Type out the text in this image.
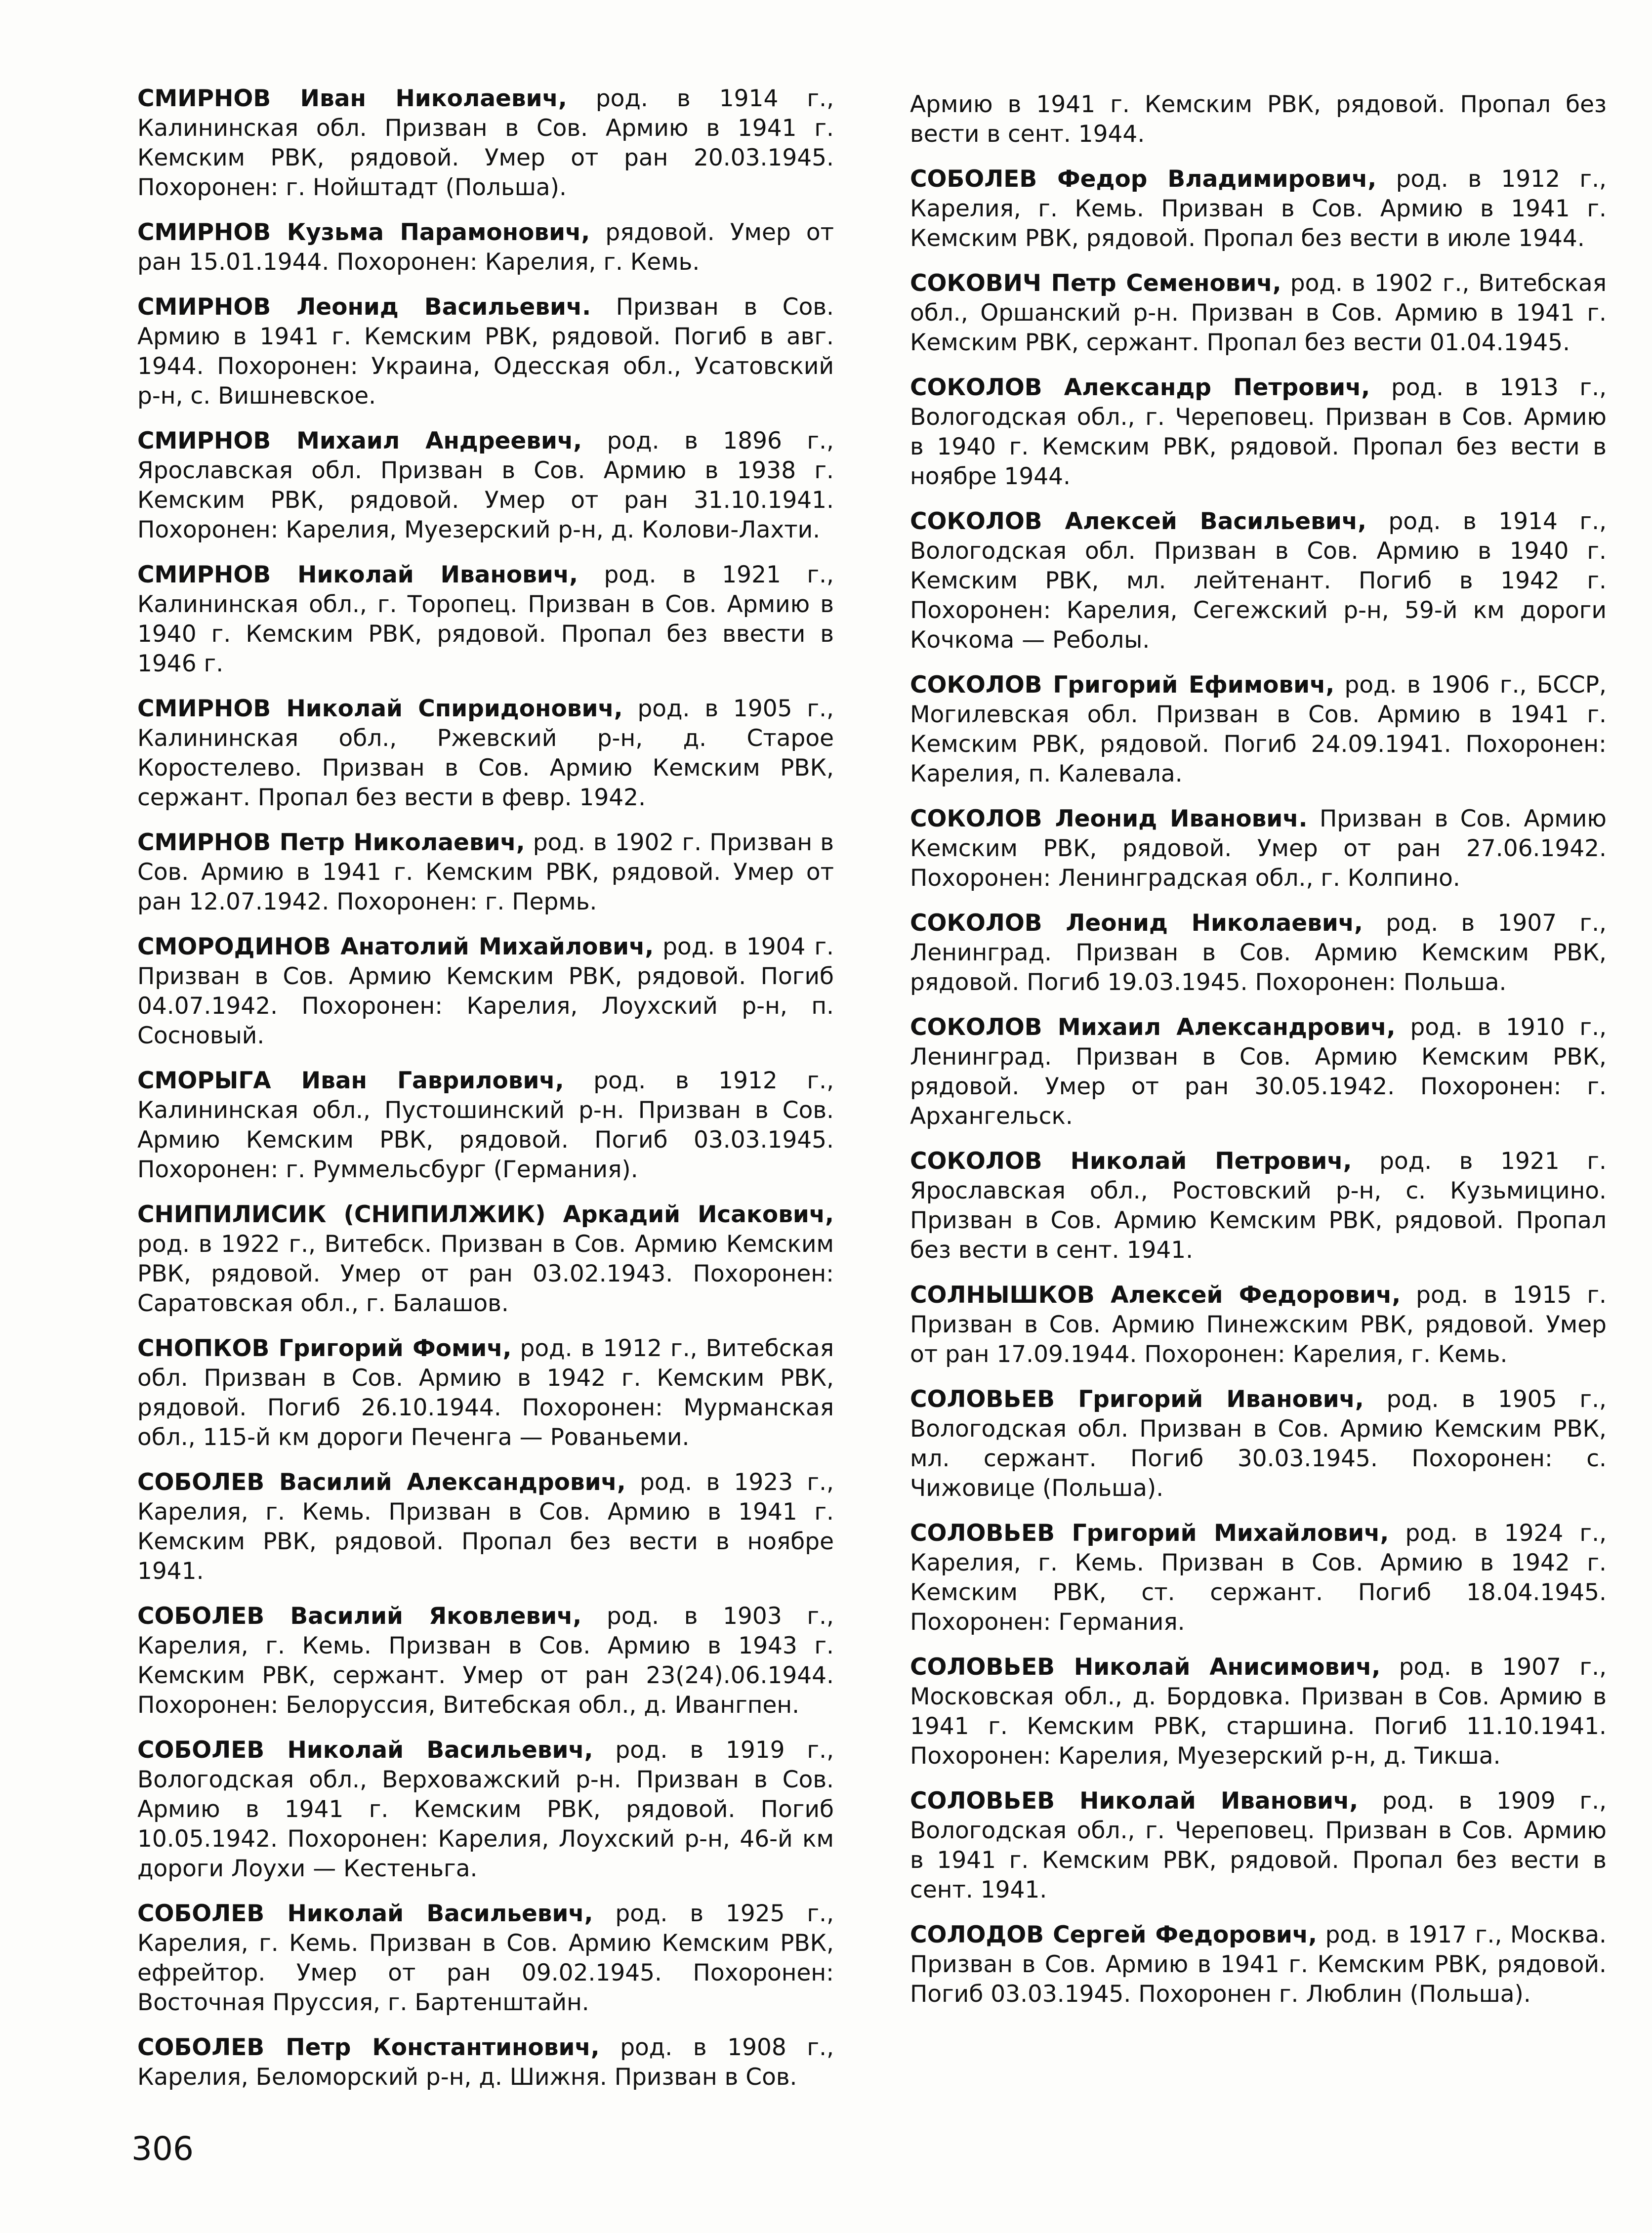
СМИРНОВ Иван Николаевич, род. в 1914 г., Калининская обл. Призван в Сов. Армию в 1941 г. Кемским РВК, рядовой. Умер от ран 20.03.1945. Похоронен: г. Нойштадт (Польша).

СМИРНОВ Кузьма Парамонович, рядовой. Умер от ран 15.01.1944. Похоронен: Карелия, г. Кемь.

СМИРНОВ Леонид Васильевич. Призван в Сов. Армию в 1941 г. Кемским РВК, рядовой. Погиб в авг. 1944. Похоронен: Украина, Одесская обл., Усатовский р-н, с. Вишневское.

СМИРНОВ Михаил Андреевич, род. в 1896 г., Ярославская обл. Призван в Сов. Армию в 1938 г. Кемским РВК, рядовой. Умер от ран 31.10.1941. Похоронен: Карелия, Муезерский р-н, д. Колови-Лахти.

СМИРНОВ Николай Иванович, род. в 1921 г., Калининская обл., г. Торопец. Призван в Сов. Армию в 1940 г. Кемским РВК, рядовой. Пропал без ввести в 1946 г.

СМИРНОВ Николай Спиридонович, род. в 1905 г., Калининская обл., Ржевский р-н, д. Старое Коростелево. Призван в Сов. Армию Кемским РВК, сержант. Пропал без вести в февр. 1942.

СМИРНОВ Петр Николаевич, род. в 1902 г. Призван в Сов. Армию в 1941 г. Кемским РВК, рядовой. Умер от ран 12.07.1942. Похоронен: г. Пермь.

СМОРОДИНОВ Анатолий Михайлович, род. в 1904 г. Призван в Сов. Армию Кемским РВК, рядовой. Погиб 04.07.1942. Похоронен: Карелия, Лоухский р-н, п. Сосновый.

СМОРЫГА Иван Гаврилович, род. в 1912 г., Калининская обл., Пустошинский р-н. Призван в Сов. Армию Кемским РВК, рядовой. Погиб 03.03.1945. Похоронен: г. Руммельсбург (Германия).

СНИПИЛИСИК (СНИПИЛЖИК) Аркадий Исакович, род. в 1922 г., Витебск. Призван в Сов. Армию Кемским РВК, рядовой. Умер от ран 03.02.1943. Похоронен: Саратовская обл., г. Балашов.

СНОПКОВ Григорий Фомич, род. в 1912 г., Витебская обл. Призван в Сов. Армию в 1942 г. Кемским РВК, рядовой. Погиб 26.10.1944. Похоронен: Мурманская обл., 115-й км дороги Печенга — Рованьеми.

СОБОЛЕВ Василий Александрович, род. в 1923 г., Карелия, г. Кемь. Призван в Сов. Армию в 1941 г. Кемским РВК, рядовой. Пропал без вести в ноябре 1941.

СОБОЛЕВ Василий Яковлевич, род. в 1903 г., Карелия, г. Кемь. Призван в Сов. Армию в 1943 г. Кемским РВК, сержант. Умер от ран 23(24).06.1944. Похоронен: Белоруссия, Витебская обл., д. Ивангпен.

СОБОЛЕВ Николай Васильевич, род. в 1919 г., Вологодская обл., Верховажский р-н. Призван в Сов. Армию в 1941 г. Кемским РВК, рядовой. Погиб 10.05.1942. Похоронен: Карелия, Лоухский р-н, 46-й км дороги Лоухи — Кестеньга.

СОБОЛЕВ Николай Васильевич, род. в 1925 г., Карелия, г. Кемь. Призван в Сов. Армию Кемским РВК, ефрейтор. Умер от ран 09.02.1945. Похоронен: Восточная Пруссия, г. Бартенштайн.

СОБОЛЕВ Петр Константинович, род. в 1908 г., Карелия, Беломорский р-н, д. Шижня. Призван в Сов.

Армию в 1941 г. Кемским РВК, рядовой. Пропал без вести в сент. 1944.

СОБОЛЕВ Федор Владимирович, род. в 1912 г., Карелия, г. Кемь. Призван в Сов. Армию в 1941 г. Кемским РВК, рядовой. Пропал без вести в июле 1944.

СОКОВИЧ Петр Семенович, род. в 1902 г., Витебская обл., Оршанский р-н. Призван в Сов. Армию в 1941 г. Кемским РВК, сержант. Пропал без вести 01.04.1945.

СОКОЛОВ Александр Петрович, род. в 1913 г., Вологодская обл., г. Череповец. Призван в Сов. Армию в 1940 г. Кемским РВК, рядовой. Пропал без вести в ноябре 1944.

СОКОЛОВ Алексей Васильевич, род. в 1914 г., Вологодская обл. Призван в Сов. Армию в 1940 г. Кемским РВК, мл. лейтенант. Погиб в 1942 г. Похоронен: Карелия, Сегежский р-н, 59-й км дороги Кочкома — Реболы.

СОКОЛОВ Григорий Ефимович, род. в 1906 г., БССР, Могилевская обл. Призван в Сов. Армию в 1941 г. Кемским РВК, рядовой. Погиб 24.09.1941. Похоронен: Карелия, п. Калевала.

СОКОЛОВ Леонид Иванович. Призван в Сов. Армию Кемским РВК, рядовой. Умер от ран 27.06.1942. Похоронен: Ленинградская обл., г. Колпино.

СОКОЛОВ Леонид Николаевич, род. в 1907 г., Ленинград. Призван в Сов. Армию Кемским РВК, рядовой. Погиб 19.03.1945. Похоронен: Польша.

СОКОЛОВ Михаил Александрович, род. в 1910 г., Ленинград. Призван в Сов. Армию Кемским РВК, рядовой. Умер от ран 30.05.1942. Похоронен: г. Архангельск.

СОКОЛОВ Николай Петрович, род. в 1921 г. Ярославская обл., Ростовский р-н, с. Кузьмицино. Призван в Сов. Армию Кемским РВК, рядовой. Пропал без вести в сент. 1941.

СОЛНЫШКОВ Алексей Федорович, род. в 1915 г. Призван в Сов. Армию Пинежским РВК, рядовой. Умер от ран 17.09.1944. Похоронен: Карелия, г. Кемь.

СОЛОВЬЕВ Григорий Иванович, род. в 1905 г., Вологодская обл. Призван в Сов. Армию Кемским РВК, мл. сержант. Погиб 30.03.1945. Похоронен: с. Чижовице (Польша).

СОЛОВЬЕВ Григорий Михайлович, род. в 1924 г., Карелия, г. Кемь. Призван в Сов. Армию в 1942 г. Кемским РВК, ст. сержант. Погиб 18.04.1945. Похоронен: Германия.

СОЛОВЬЕВ Николай Анисимович, род. в 1907 г., Московская обл., д. Бордовка. Призван в Сов. Армию в 1941 г. Кемским РВК, старшина. Погиб 11.10.1941. Похоронен: Карелия, Муезерский р-н, д. Тикша.

СОЛОВЬЕВ Николай Иванович, род. в 1909 г., Вологодская обл., г. Череповец. Призван в Сов. Армию в 1941 г. Кемским РВК, рядовой. Пропал без вести в сент. 1941.

СОЛОДОВ Сергей Федорович, род. в 1917 г., Москва. Призван в Сов. Армию в 1941 г. Кемским РВК, рядовой. Погиб 03.03.1945. Похоронен г. Люблин (Польша).

306
